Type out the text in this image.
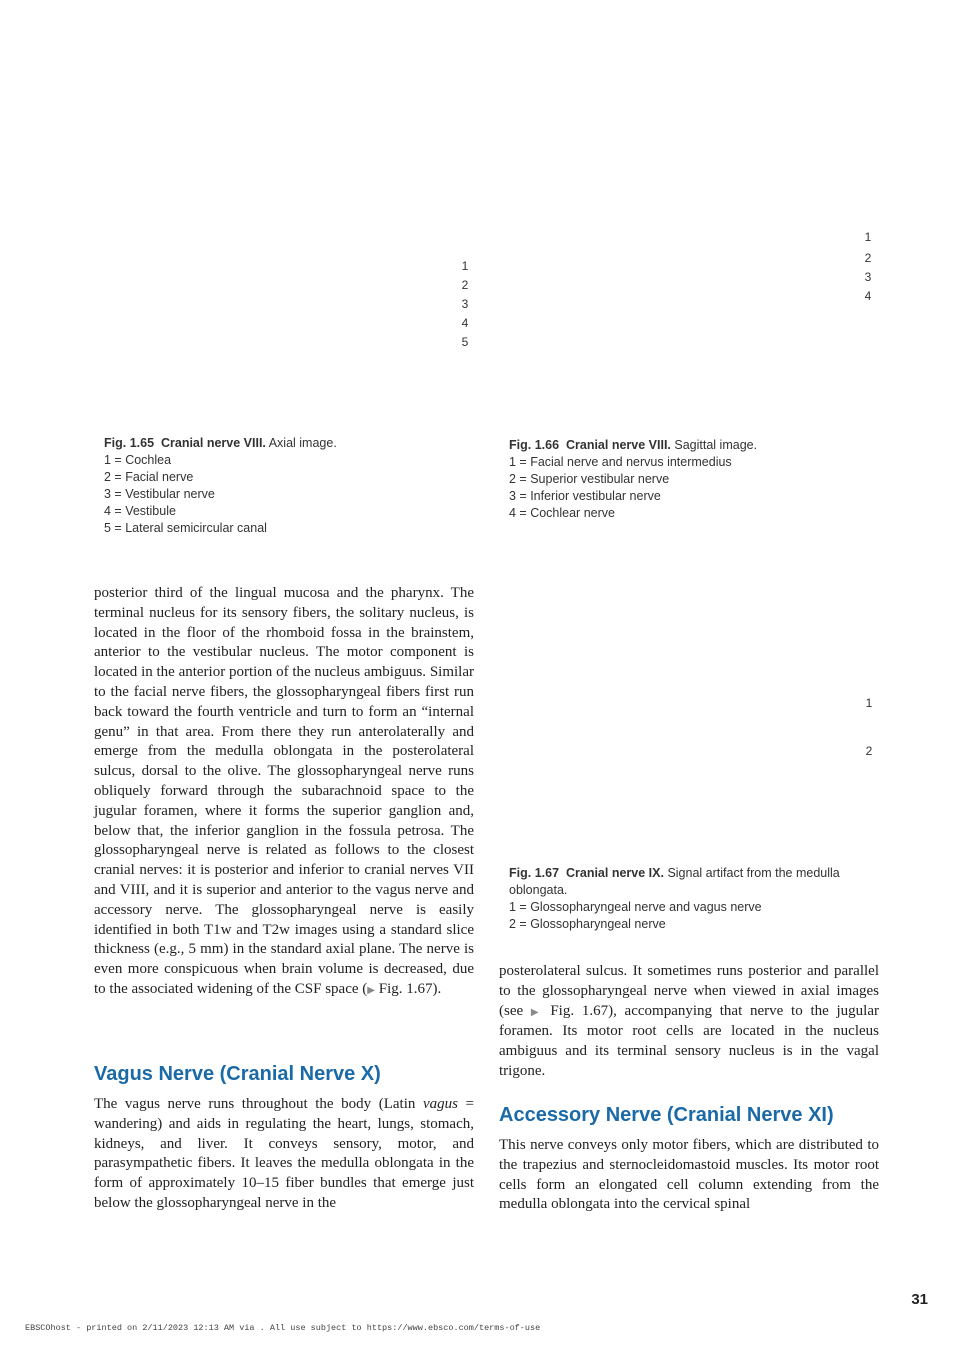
1
2
3
4
5
1
2
3
4
Fig. 1.65 Cranial nerve VIII. Axial image.
1 = Cochlea
2 = Facial nerve
3 = Vestibular nerve
4 = Vestibule
5 = Lateral semicircular canal
Fig. 1.66 Cranial nerve VIII. Sagittal image.
1 = Facial nerve and nervus intermedius
2 = Superior vestibular nerve
3 = Inferior vestibular nerve
4 = Cochlear nerve
1
2
Fig. 1.67 Cranial nerve IX. Signal artifact from the medulla
oblongata.
1 = Glossopharyngeal nerve and vagus nerve
2 = Glossopharyngeal nerve

posterior third of the lingual mucosa and the pharynx. The terminal nucleus for its sensory fibers, the solitary nucleus, is located in the floor of the rhomboid fossa in the brainstem, anterior to the vestibular nucleus. The motor component is located in the anterior portion of the nucleus ambiguus. Similar to the facial nerve fibers, the glossopharyngeal fibers first run back toward the fourth ventricle and turn to form an “internal genu” in that area. From there they run anterolaterally and emerge from the medulla oblongata in the posterolateral sulcus, dorsal to the olive. The glossopharyngeal nerve runs obliquely forward through the subarachnoid space to the jugular foramen, where it forms the superior ganglion and, below that, the inferior ganglion in the fossula petrosa. The glossopharyngeal nerve is related as follows to the closest cranial nerves: it is posterior and inferior to cranial nerves VII and VIII, and it is superior and anterior to the vagus nerve and accessory nerve. The glossopharyngeal nerve is easily identified in both T1w and T2w images using a standard slice thickness (e.g., 5 mm) in the standard axial plane. The nerve is even more conspicuous when brain volume is decreased, due to the associated widening of the CSF space (▶ Fig. 1.67).

Vagus Nerve (Cranial Nerve X)

The vagus nerve runs throughout the body (Latin vagus = wandering) and aids in regulating the heart, lungs, stomach, kidneys, and liver. It conveys sensory, motor, and parasympathetic fibers. It leaves the medulla oblongata in the form of approximately 10–15 fiber bundles that emerge just below the glossopharyngeal nerve in the

posterolateral sulcus. It sometimes runs posterior and parallel to the glossopharyngeal nerve when viewed in axial images (see ▶ Fig. 1.67), accompanying that nerve to the jugular foramen. Its motor root cells are located in the nucleus ambiguus and its terminal sensory nucleus is in the vagal trigone.

Accessory Nerve (Cranial Nerve XI)

This nerve conveys only motor fibers, which are distributed to the trapezius and sternocleidomastoid muscles. Its motor root cells form an elongated cell column extending from the medulla oblongata into the cervical spinal

31
EBSCOhost - printed on 2/11/2023 12:13 AM via . All use subject to https://www.ebsco.com/terms-of-use
